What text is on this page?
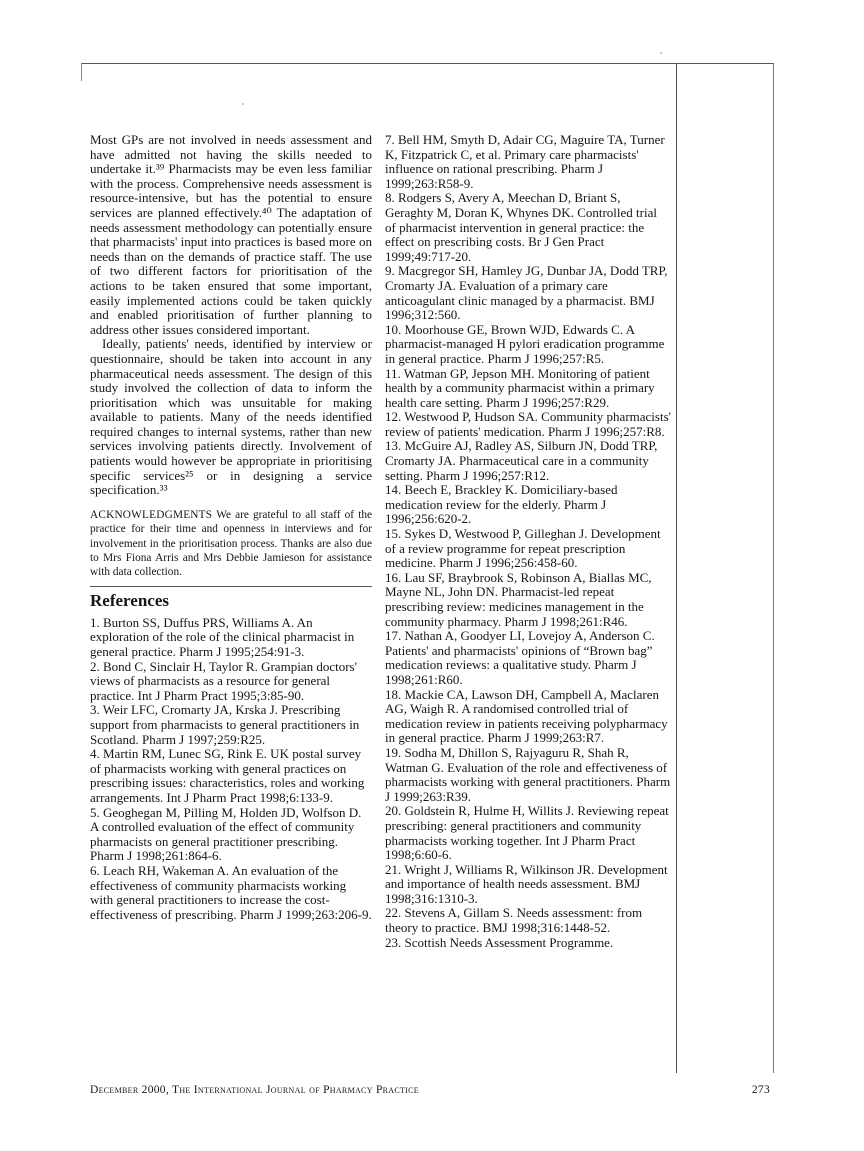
Most GPs are not involved in needs assessment and have admitted not having the skills needed to undertake it.³⁹ Pharmacists may be even less familiar with the process. Comprehensive needs assessment is resource-intensive, but has the potential to ensure services are planned effectively.⁴⁰ The adaptation of needs assessment methodology can potentially ensure that pharmacists' input into practices is based more on needs than on the demands of practice staff. The use of two different factors for prioritisation of the actions to be taken ensured that some important, easily implemented actions could be taken quickly and enabled prioritisation of further planning to address other issues considered important.

Ideally, patients' needs, identified by interview or questionnaire, should be taken into account in any pharmaceutical needs assessment. The design of this study involved the collection of data to inform the prioritisation which was unsuitable for making available to patients. Many of the needs identified required changes to internal systems, rather than new services involving patients directly. Involvement of patients would however be appropriate in prioritising specific services²⁵ or in designing a service specification.³³

ACKNOWLEDGMENTS We are grateful to all staff of the practice for their time and openness in interviews and for involvement in the prioritisation process. Thanks are also due to Mrs Fiona Arris and Mrs Debbie Jamieson for assistance with data collection.

References

1. Burton SS, Duffus PRS, Williams A. An exploration of the role of the clinical pharmacist in general practice. Pharm J 1995;254:91-3.

2. Bond C, Sinclair H, Taylor R. Grampian doctors' views of pharmacists as a resource for general practice. Int J Pharm Pract 1995;3:85-90.

3. Weir LFC, Cromarty JA, Krska J. Prescribing support from pharmacists to general practitioners in Scotland. Pharm J 1997;259:R25.

4. Martin RM, Lunec SG, Rink E. UK postal survey of pharmacists working with general practices on prescribing issues: characteristics, roles and working arrangements. Int J Pharm Pract 1998;6:133-9.

5. Geoghegan M, Pilling M, Holden JD, Wolfson D. A controlled evaluation of the effect of community pharmacists on general practitioner prescribing. Pharm J 1998;261:864-6.

6. Leach RH, Wakeman A. An evaluation of the effectiveness of community pharmacists working with general practitioners to increase the cost-effectiveness of prescribing. Pharm J 1999;263:206-9.

7. Bell HM, Smyth D, Adair CG, Maguire TA, Turner K, Fitzpatrick C, et al. Primary care pharmacists' influence on rational prescribing. Pharm J 1999;263:R58-9.

8. Rodgers S, Avery A, Meechan D, Briant S, Geraghty M, Doran K, Whynes DK. Controlled trial of pharmacist intervention in general practice: the effect on prescribing costs. Br J Gen Pract 1999;49:717-20.

9. Macgregor SH, Hamley JG, Dunbar JA, Dodd TRP, Cromarty JA. Evaluation of a primary care anticoagulant clinic managed by a pharmacist. BMJ 1996;312:560.

10. Moorhouse GE, Brown WJD, Edwards C. A pharmacist-managed H pylori eradication programme in general practice. Pharm J 1996;257:R5.

11. Watman GP, Jepson MH. Monitoring of patient health by a community pharmacist within a primary health care setting. Pharm J 1996;257:R29.

12. Westwood P, Hudson SA. Community pharmacists' review of patients' medication. Pharm J 1996;257:R8.

13. McGuire AJ, Radley AS, Silburn JN, Dodd TRP, Cromarty JA. Pharmaceutical care in a community setting. Pharm J 1996;257:R12.

14. Beech E, Brackley K. Domiciliary-based medication review for the elderly. Pharm J 1996;256:620-2.

15. Sykes D, Westwood P, Gilleghan J. Development of a review programme for repeat prescription medicine. Pharm J 1996;256:458-60.

16. Lau SF, Braybrook S, Robinson A, Biallas MC, Mayne NL, John DN. Pharmacist-led repeat prescribing review: medicines management in the community pharmacy. Pharm J 1998;261:R46.

17. Nathan A, Goodyer LI, Lovejoy A, Anderson C. Patients' and pharmacists' opinions of “Brown bag” medication reviews: a qualitative study. Pharm J 1998;261:R60.

18. Mackie CA, Lawson DH, Campbell A, Maclaren AG, Waigh R. A randomised controlled trial of medication review in patients receiving polypharmacy in general practice. Pharm J 1999;263:R7.

19. Sodha M, Dhillon S, Rajyaguru R, Shah R, Watman G. Evaluation of the role and effectiveness of pharmacists working with general practitioners. Pharm J 1999;263:R39.

20. Goldstein R, Hulme H, Willits J. Reviewing repeat prescribing: general practitioners and community pharmacists working together. Int J Pharm Pract 1998;6:60-6.

21. Wright J, Williams R, Wilkinson JR. Development and importance of health needs assessment. BMJ 1998;316:1310-3.

22. Stevens A, Gillam S. Needs assessment: from theory to practice. BMJ 1998;316:1448-52.

23. Scottish Needs Assessment Programme.

December 2000, The International Journal of Pharmacy Practice	273
